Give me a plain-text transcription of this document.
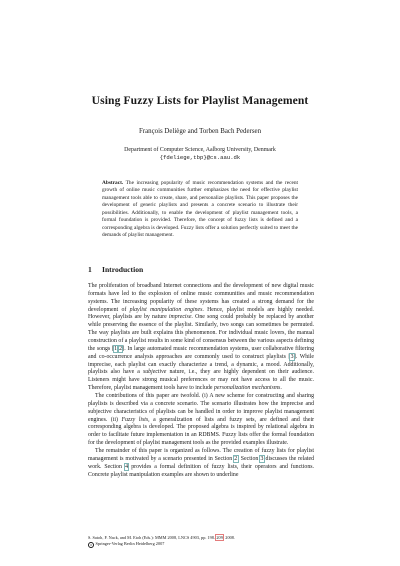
Using Fuzzy Lists for Playlist Management
François Deliège and Torben Bach Pedersen
Department of Computer Science, Aalborg University, Denmark
{fdeliege,tbp}@cs.aau.dk
Abstract. The increasing popularity of music recommendation systems and the recent growth of online music communities further emphasizes the need for effective playlist management tools able to create, share, and personalize playlists. This paper proposes the development of generic playlists and presents a concrete scenario to illustrate their possibilities. Additionally, to enable the development of playlist management tools, a formal foundation is provided. Therefore, the concept of fuzzy lists is defined and a corresponding algebra is developed. Fuzzy lists offer a solution perfectly suited to meet the demands of playlist management.
1 Introduction

The proliferation of broadband Internet connections and the development of new digital music formats have led to the explosion of online music communities and music recommendation systems. The increasing popularity of these systems has created a strong demand for the development of playlist manipulation engines. Hence, playlist models are highly needed. However, playlists are by nature imprecise. One song could probably be replaced by another while preserving the essence of the playlist. Similarly, two songs can sometimes be permuted. The way playlists are built explains this phenomenon. For individual music lovers, the manual construction of a playlist results in some kind of consensus between the various aspects defining the songs [1,2]. In large automated music recommendation systems, user collaborative filtering and co-occurrence analysis approaches are commonly used to construct playlists [3]. While imprecise, each playlist can exactly characterize a trend, a dynamic, a mood. Additionally, playlists also have a subjective nature, i.e., they are highly dependent on their audience. Listeners might have strong musical preferences or may not have access to all the music. Therefore, playlist management tools have to include personalization mechanisms.

The contributions of this paper are twofold. (i) A new scheme for constructing and sharing playlists is described via a concrete scenario. The scenario illustrates how the imprecise and subjective characteristics of playlists can be handled in order to improve playlist management engines. (ii) Fuzzy lists, a generalization of lists and fuzzy sets, are defined and their corresponding algebra is developed. The proposed algebra is inspired by relational algebra in order to facilitate future implementation in an RDBMS. Fuzzy lists offer the formal foundation for the development of playlist management tools as the provided examples illustrate.

The remainder of this paper is organized as follows. The creation of fuzzy lists for playlist management is motivated by a scenario presented in Section 2. Section 3 discusses the related work. Section 4 provides a formal definition of fuzzy lists, their operators and functions. Concrete playlist manipulation examples are shown to underline

S. Satoh, F. Nack, and M. Etoh (Eds.): MMM 2008, LNCS 4903, pp. 198–209, 2008.
c Springer-Verlag Berlin Heidelberg 2007
